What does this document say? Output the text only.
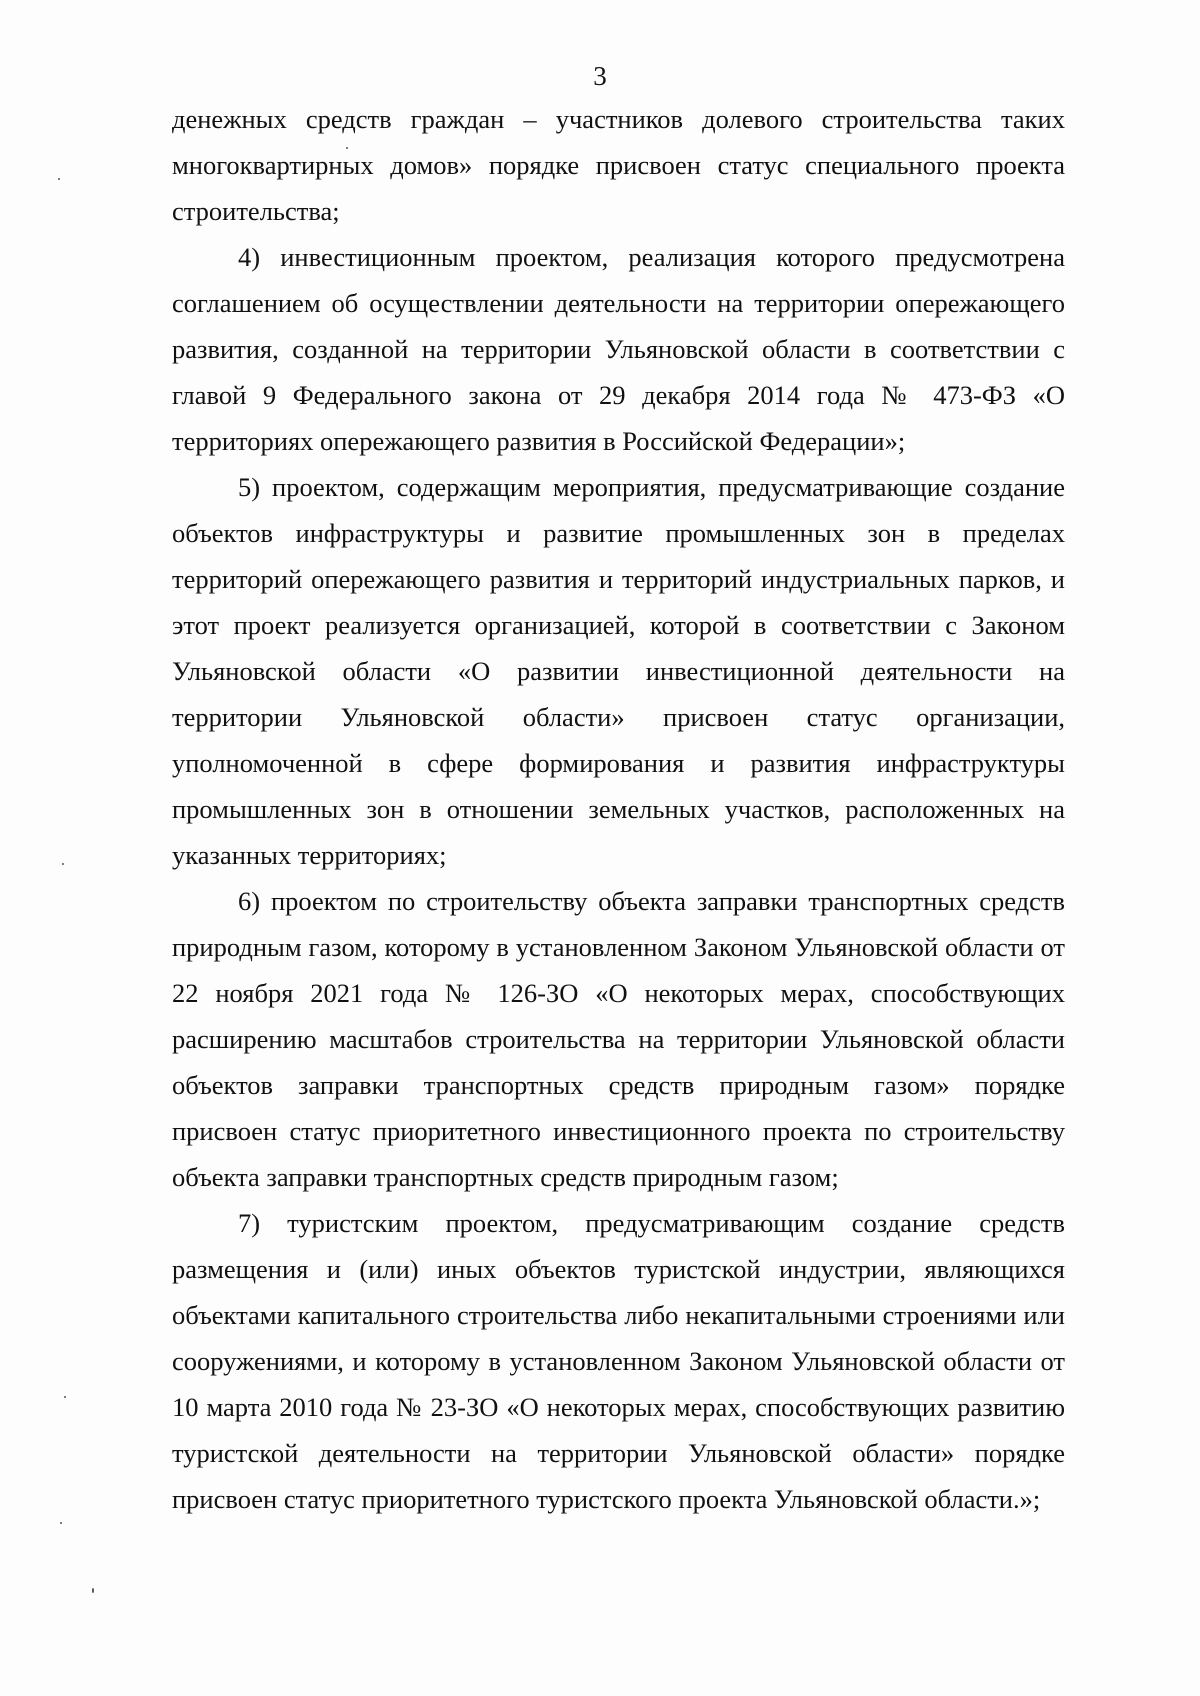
3

денежных средств граждан – участников долевого строительства таких многоквартирных домов» порядке присвоен статус специального проекта строительства;

4) инвестиционным проектом, реализация которого предусмотрена соглашением об осуществлении деятельности на территории опережающего развития, созданной на территории Ульяновской области в соответствии с главой 9 Федерального закона от 29 декабря 2014 года № 473-ФЗ «О территориях опережающего развития в Российской Федерации»;

5) проектом, содержащим мероприятия, предусматривающие создание объектов инфраструктуры и развитие промышленных зон в пределах территорий опережающего развития и территорий индустриальных парков, и этот проект реализуется организацией, которой в соответствии с Законом Ульяновской области «О развитии инвестиционной деятельности на территории Ульяновской области» присвоен статус организации, уполномоченной в сфере формирования и развития инфраструктуры промышленных зон в отношении земельных участков, расположенных на указанных территориях;

6) проектом по строительству объекта заправки транспортных средств природным газом, которому в установленном Законом Ульяновской области от 22 ноября 2021 года № 126-ЗО «О некоторых мерах, способствующих расширению масштабов строительства на территории Ульяновской области объектов заправки транспортных средств природным газом» порядке присвоен статус приоритетного инвестиционного проекта по строительству объекта заправки транспортных средств природным газом;

7) туристским проектом, предусматривающим создание средств размещения и (или) иных объектов туристской индустрии, являющихся объектами капитального строительства либо некапитальными строениями или сооружениями, и которому в установленном Законом Ульяновской области от 10 марта 2010 года № 23-ЗО «О некоторых мерах, способствующих развитию туристской деятельности на территории Ульяновской области» порядке присвоен статус приоритетного туристского проекта Ульяновской области.»;
